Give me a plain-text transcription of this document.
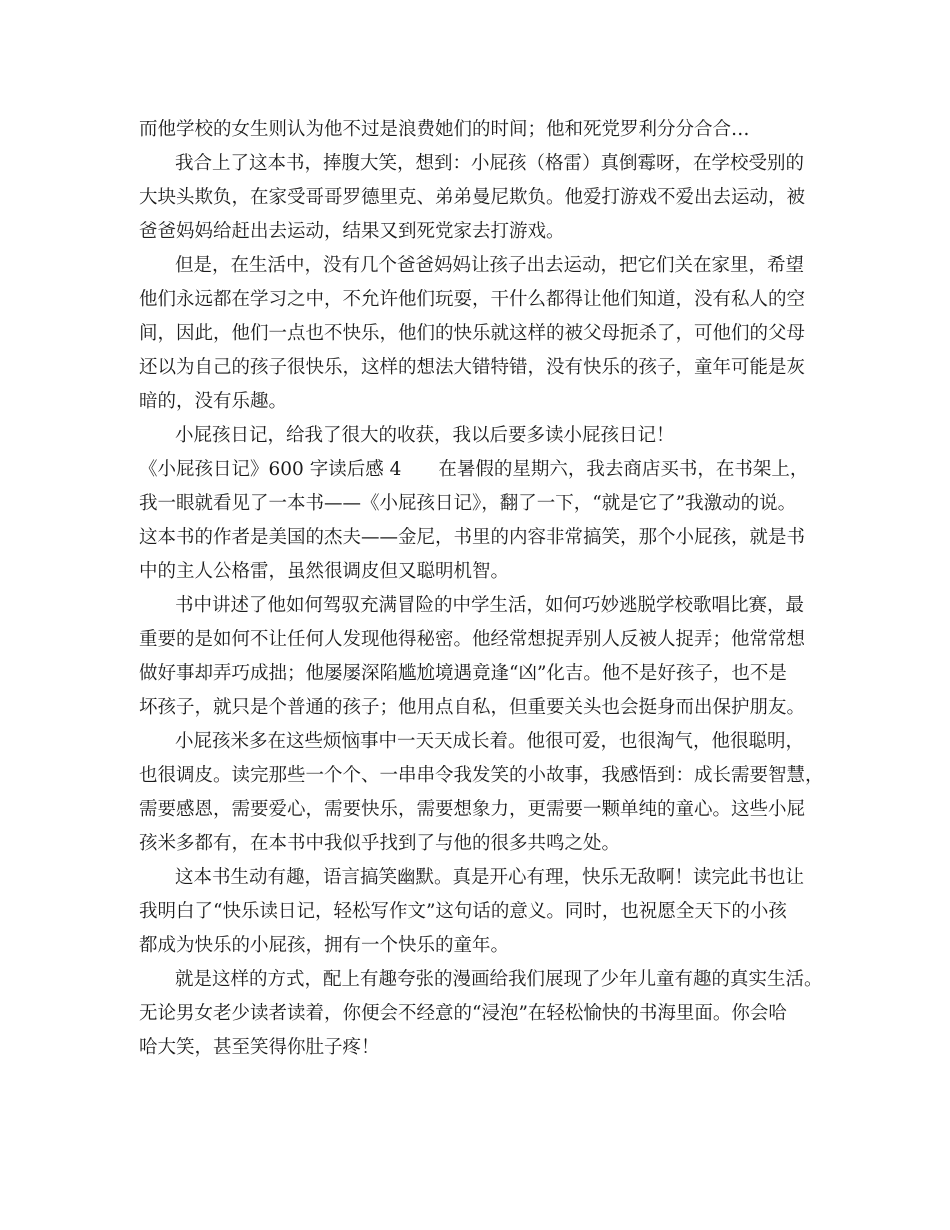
而他学校的女生则认为他不过是浪费她们的时间；他和死党罗利分分合合…
我合上了这本书，捧腹大笑，想到：小屁孩（格雷）真倒霉呀，在学校受别的
大块头欺负，在家受哥哥罗德里克、弟弟曼尼欺负。他爱打游戏不爱出去运动，被
爸爸妈妈给赶出去运动，结果又到死党家去打游戏。
但是，在生活中，没有几个爸爸妈妈让孩子出去运动，把它们关在家里，希望
他们永远都在学习之中，不允许他们玩耍，干什么都得让他们知道，没有私人的空
间，因此，他们一点也不快乐，他们的快乐就这样的被父母扼杀了，可他们的父母
还以为自己的孩子很快乐，这样的想法大错特错，没有快乐的孩子，童年可能是灰
暗的，没有乐趣。
小屁孩日记，给我了很大的收获，我以后要多读小屁孩日记！
《小屁孩日记》600 字读后感 4　　在暑假的星期六，我去商店买书，在书架上，
我一眼就看见了一本书——《小屁孩日记》，翻了一下，“就是它了”我激动的说。
这本书的作者是美国的杰夫——金尼，书里的内容非常搞笑，那个小屁孩，就是书
中的主人公格雷，虽然很调皮但又聪明机智。
书中讲述了他如何驾驭充满冒险的中学生活，如何巧妙逃脱学校歌唱比赛，最
重要的是如何不让任何人发现他得秘密。他经常想捉弄别人反被人捉弄；他常常想
做好事却弄巧成拙；他屡屡深陷尴尬境遇竟逢“凶”化吉。他不是好孩子，也不是
坏孩子，就只是个普通的孩子；他用点自私，但重要关头也会挺身而出保护朋友。
小屁孩米多在这些烦恼事中一天天成长着。他很可爱，也很淘气，他很聪明，
也很调皮。读完那些一个个、一串串令我发笑的小故事，我感悟到：成长需要智慧，
需要感恩，需要爱心，需要快乐，需要想象力，更需要一颗单纯的童心。这些小屁
孩米多都有，在本书中我似乎找到了与他的很多共鸣之处。
这本书生动有趣，语言搞笑幽默。真是开心有理，快乐无敌啊！读完此书也让
我明白了“快乐读日记，轻松写作文”这句话的意义。同时，也祝愿全天下的小孩
都成为快乐的小屁孩，拥有一个快乐的童年。
就是这样的方式，配上有趣夸张的漫画给我们展现了少年儿童有趣的真实生活。
无论男女老少读者读着，你便会不经意的“浸泡”在轻松愉快的书海里面。你会哈
哈大笑，甚至笑得你肚子疼！
